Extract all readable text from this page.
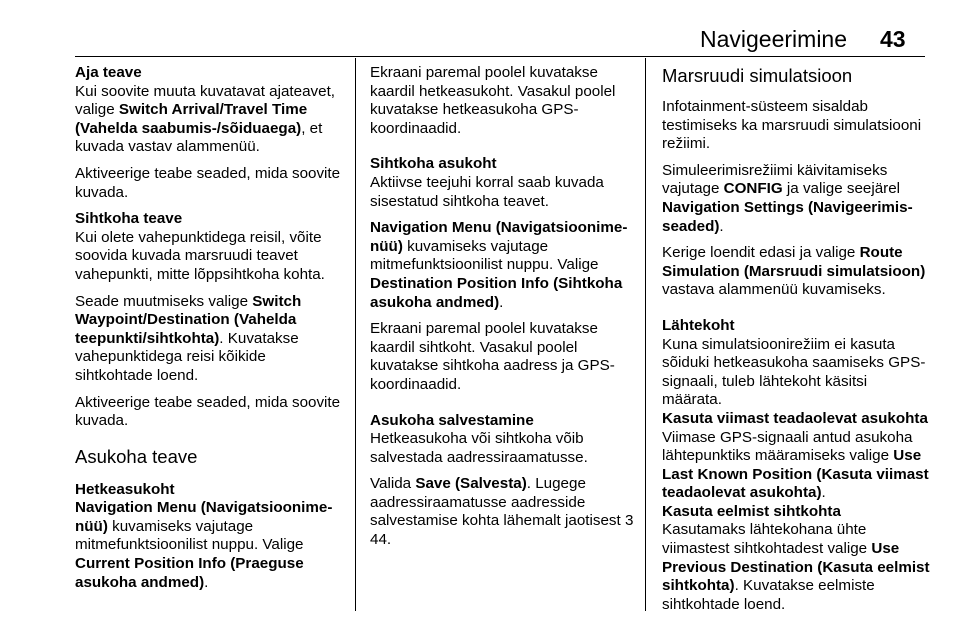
Navigeerimine 43

Aja teave

Kui soovite muuta kuvatavat ajateavet, valige Switch Arrival/Travel Time (Vahelda saabumis-/sõiduaega), et kuvada vastav alammenüü.

Aktiveerige teabe seaded, mida soovite kuvada.

Sihtkoha teave

Kui olete vahepunktidega reisil, võite soovida kuvada marsruudi teavet vahepunkti, mitte lõppsihtkoha kohta.

Seade muutmiseks valige Switch Waypoint/Destination (Vahelda teepunkti/sihtkohta). Kuvatakse vahepunktidega reisi kõikide sihtkohtade loend.

Aktiveerige teabe seaded, mida soovite kuvada.

Asukoha teave

Hetkeasukoht

Navigation Menu (Navigatsioonime-nüü) kuvamiseks vajutage mitmefunktsioonilist nuppu. Valige Current Position Info (Praeguse asukoha andmed).

Ekraani paremal poolel kuvatakse kaardil hetkeasukoht. Vasakul poolel kuvatakse hetkeasukoha GPS-koordinaadid.

Sihtkoha asukoht

Aktiivse teejuhi korral saab kuvada sisestatud sihtkoha teavet.

Navigation Menu (Navigatsioonime-nüü) kuvamiseks vajutage mitmefunktsioonilist nuppu. Valige Destination Position Info (Sihtkoha asukoha andmed).

Ekraani paremal poolel kuvatakse kaardil sihtkoht. Vasakul poolel kuvatakse sihtkoha aadress ja GPS-koordinaadid.

Asukoha salvestamine

Hetkeasukoha või sihtkoha võib salvestada aadressiraamatusse.

Valida Save (Salvesta). Lugege aadressiraamatusse aadresside salvestamise kohta lähemalt jaotisest 3 44.

Marsruudi simulatsioon

Infotainment-süsteem sisaldab testimiseks ka marsruudi simulatsiooni režiimi.

Simuleerimisrežiimi käivitamiseks vajutage CONFIG ja valige seejärel Navigation Settings (Navigeerimis-seaded).

Kerige loendit edasi ja valige Route Simulation (Marsruudi simulatsioon) vastava alammenüü kuvamiseks.

Lähtekoht

Kuna simulatsioonirežiim ei kasuta sõiduki hetkeasukoha saamiseks GPS-signaali, tuleb lähtekoht käsitsi määrata.

Kasuta viimast teadaolevat asukohta

Viimase GPS-signaali antud asukoha lähtepunktiks määramiseks valige Use Last Known Position (Kasuta viimast teadaolevat asukohta).

Kasuta eelmist sihtkohta

Kasutamaks lähtekohana ühte viimastest sihtkohtadest valige Use Previous Destination (Kasuta eelmist sihtkohta). Kuvatakse eelmiste sihtkohtade loend.
